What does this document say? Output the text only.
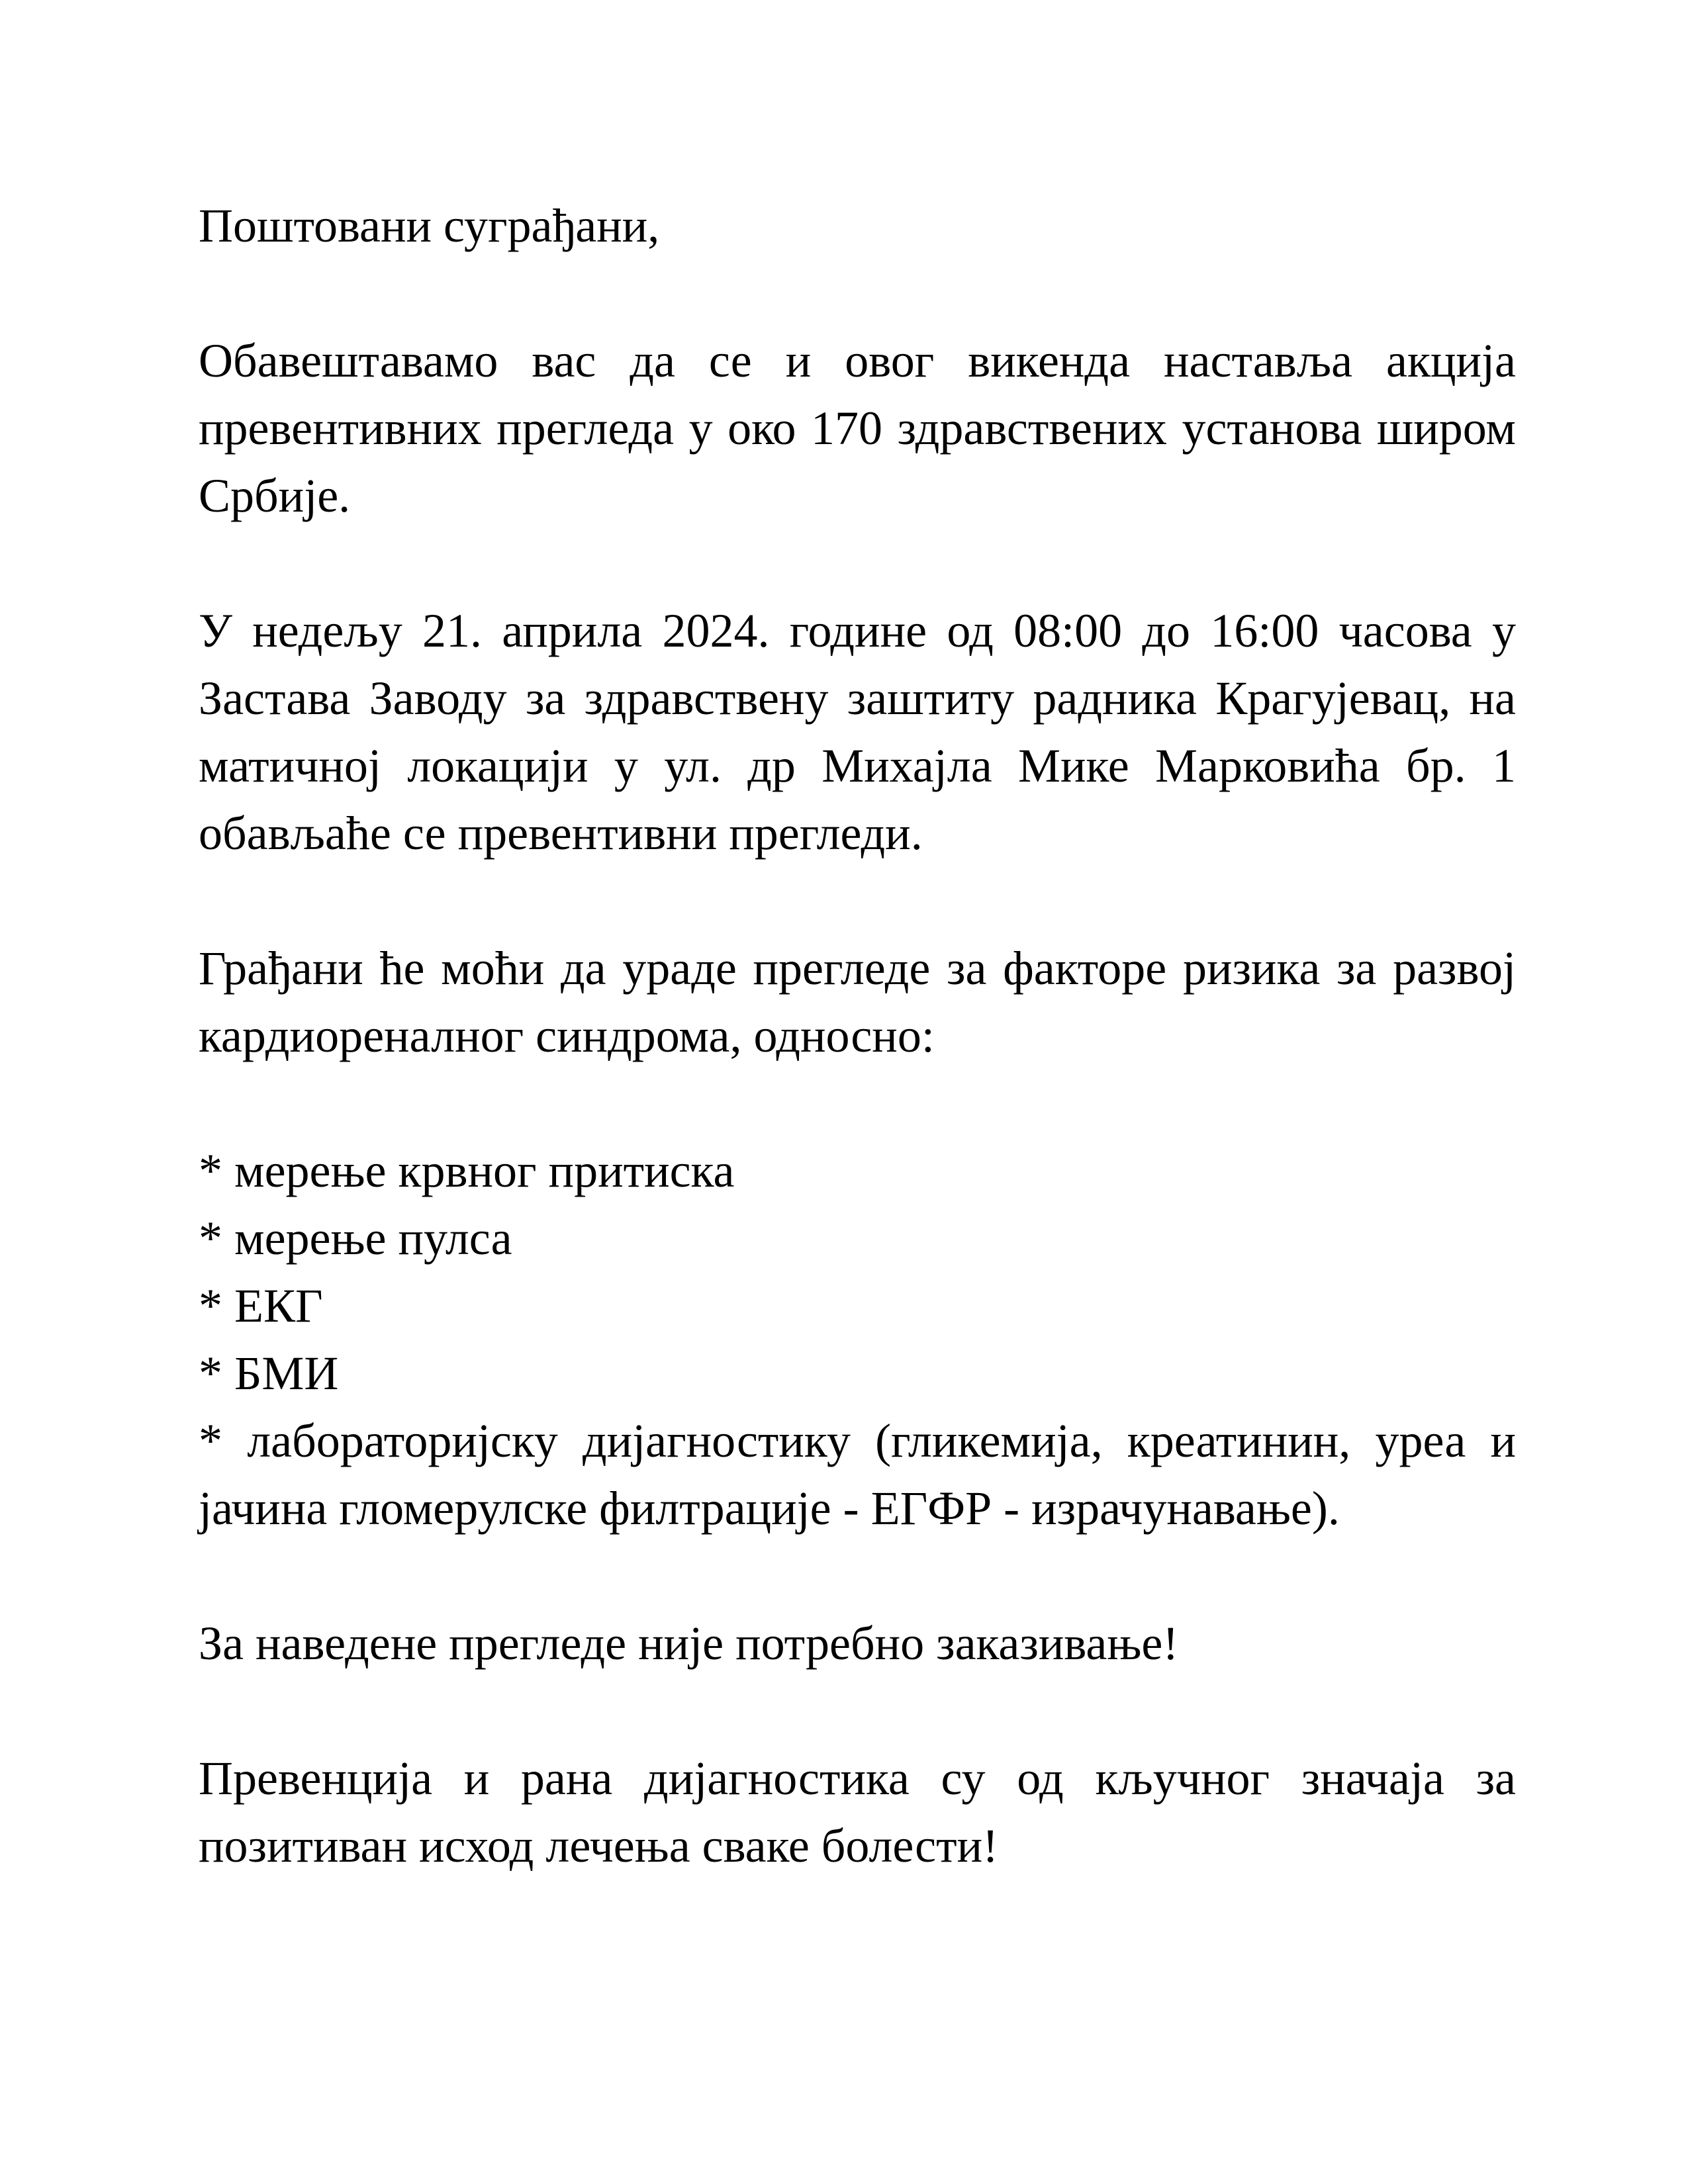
Поштовани суграђани,

Обавештавамо вас да се и овог викенда наставља акција превентивних прегледа у око 170 здравствених установа широм Србије.

У недељу 21. априла 2024. године од 08:00 до 16:00 часова у Застава Заводу за здравствену заштиту радника Крагујевац, на матичној локацији у ул. др Михајла Мике Марковића бр. 1 обављаће се превентивни прегледи.

Грађани ће моћи да ураде прегледе за факторе ризика за развој кардиореналног синдрома, односно:

* мерење крвног притиска
* мерење пулса
* ЕКГ
* БМИ
* лабораторијску дијагностику (гликемија, креатинин, уреа и јачина гломерулске филтрације - ЕГФР - израчунавање).

За наведене прегледе није потребно заказивање!

Превенција и рана дијагностика су од кључног значаја за позитиван исход лечења сваке болести!
